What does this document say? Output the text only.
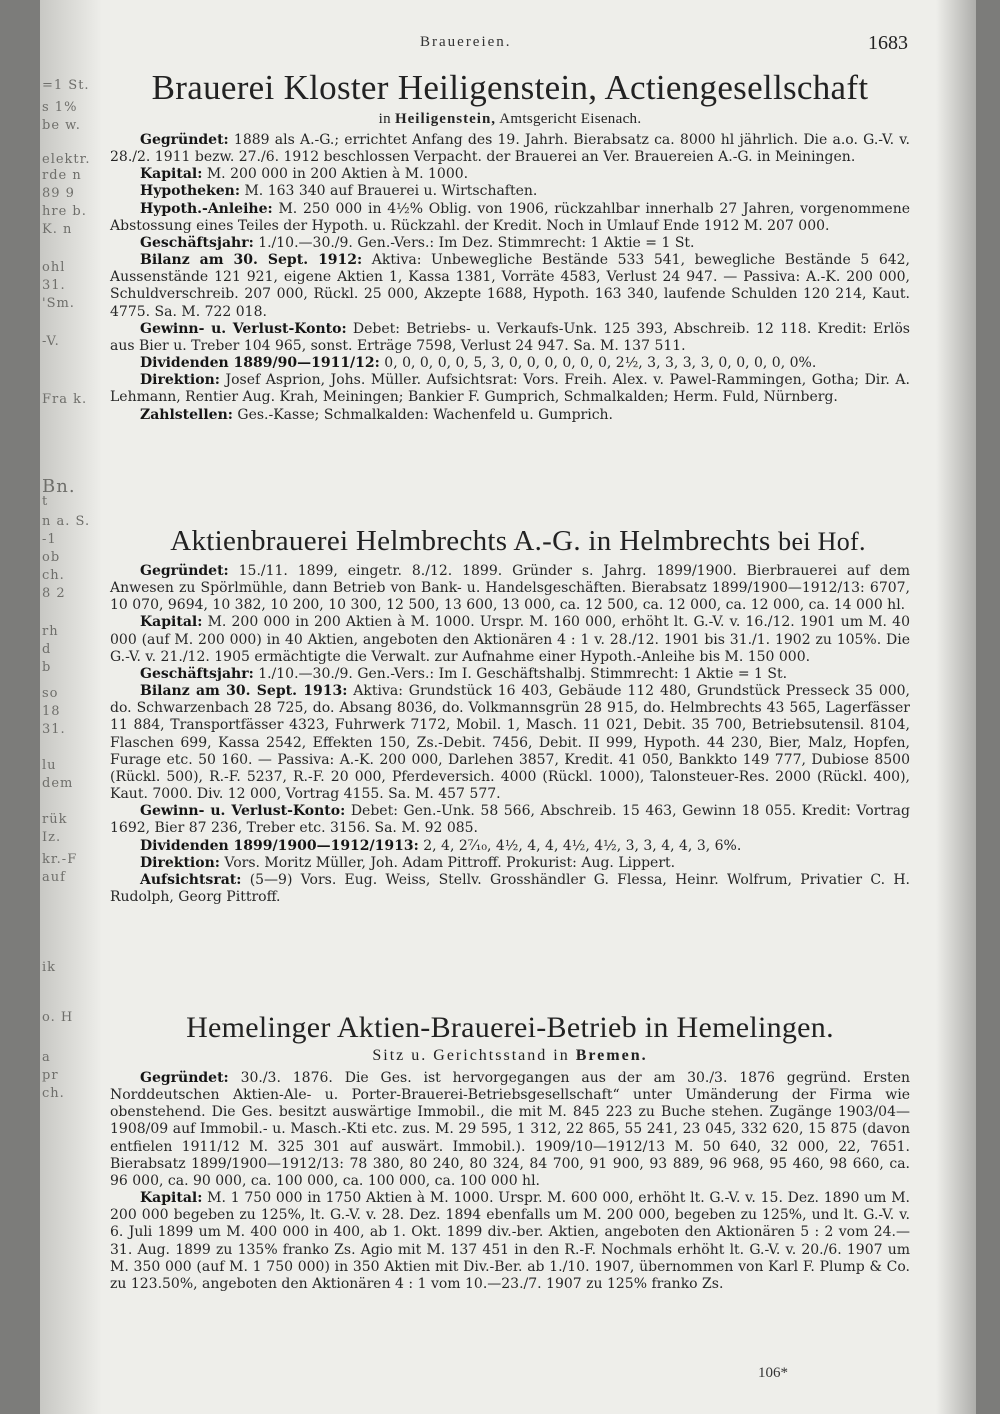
=1 St.
s 1%
be w.
elektr.
rde n
89 9
hre b.
K. n
ohl
31.
'Sm.
-V.
Fra k.
Bn.
t
n a. S.
-1
ob
ch.
8 2
rh
d
b
so
18
31.
lu
dem
rük
Iz.
kr.-F
auf
ik
o. H
a
pr
ch.
Brauereien.	1683
Brauerei Kloster Heiligenstein, Actiengesellschaft
in Heiligenstein, Amtsgericht Eisenach.

Gegründet: 1889 als A.-G.; errichtet Anfang des 19. Jahrh. Bierabsatz ca. 8000 hl jährlich. Die a.o. G.-V. v. 28./2. 1911 bezw. 27./6. 1912 beschlossen Verpacht. der Brauerei an Ver. Brauereien A.-G. in Meiningen.

Kapital: M. 200 000 in 200 Aktien à M. 1000.

Hypotheken: M. 163 340 auf Brauerei u. Wirtschaften.

Hypoth.-Anleihe: M. 250 000 in 4½% Oblig. von 1906, rückzahlbar innerhalb 27 Jahren, vorgenommene Abstossung eines Teiles der Hypoth. u. Rückzahl. der Kredit. Noch in Umlauf Ende 1912 M. 207 000.

Geschäftsjahr: 1./10.—30./9. Gen.-Vers.: Im Dez. Stimmrecht: 1 Aktie = 1 St.

Bilanz am 30. Sept. 1912: Aktiva: Unbewegliche Bestände 533 541, bewegliche Bestände 5 642, Aussenstände 121 921, eigene Aktien 1, Kassa 1381, Vorräte 4583, Verlust 24 947. — Passiva: A.-K. 200 000, Schuldverschreib. 207 000, Rückl. 25 000, Akzepte 1688, Hypoth. 163 340, laufende Schulden 120 214, Kaut. 4775. Sa. M. 722 018.

Gewinn- u. Verlust-Konto: Debet: Betriebs- u. Verkaufs-Unk. 125 393, Abschreib. 12 118. Kredit: Erlös aus Bier u. Treber 104 965, sonst. Erträge 7598, Verlust 24 947. Sa. M. 137 511.

Dividenden 1889/90—1911/12: 0, 0, 0, 0, 0, 5, 3, 0, 0, 0, 0, 0, 0, 2½, 3, 3, 3, 3, 0, 0, 0, 0, 0%.

Direktion: Josef Asprion, Johs. Müller. Aufsichtsrat: Vors. Freih. Alex. v. Pawel-Rammingen, Gotha; Dir. A. Lehmann, Rentier Aug. Krah, Meiningen; Bankier F. Gumprich, Schmalkalden; Herm. Fuld, Nürnberg.

Zahlstellen: Ges.-Kasse; Schmalkalden: Wachenfeld u. Gumprich.

Aktienbrauerei Helmbrechts A.-G. in Helmbrechts bei Hof.

Gegründet: 15./11. 1899, eingetr. 8./12. 1899. Gründer s. Jahrg. 1899/1900. Bierbrauerei auf dem Anwesen zu Spörlmühle, dann Betrieb von Bank- u. Handelsgeschäften. Bierabsatz 1899/1900—1912/13: 6707, 10 070, 9694, 10 382, 10 200, 10 300, 12 500, 13 600, 13 000, ca. 12 500, ca. 12 000, ca. 12 000, ca. 14 000 hl.

Kapital: M. 200 000 in 200 Aktien à M. 1000. Urspr. M. 160 000, erhöht lt. G.-V. v. 16./12. 1901 um M. 40 000 (auf M. 200 000) in 40 Aktien, angeboten den Aktionären 4 : 1 v. 28./12. 1901 bis 31./1. 1902 zu 105%. Die G.-V. v. 21./12. 1905 ermächtigte die Verwalt. zur Aufnahme einer Hypoth.-Anleihe bis M. 150 000.

Geschäftsjahr: 1./10.—30./9. Gen.-Vers.: Im I. Geschäftshalbj. Stimmrecht: 1 Aktie = 1 St.

Bilanz am 30. Sept. 1913: Aktiva: Grundstück 16 403, Gebäude 112 480, Grundstück Presseck 35 000, do. Schwarzenbach 28 725, do. Absang 8036, do. Volkmannsgrün 28 915, do. Helmbrechts 43 565, Lagerfässer 11 884, Transportfässer 4323, Fuhrwerk 7172, Mobil. 1, Masch. 11 021, Debit. 35 700, Betriebsutensil. 8104, Flaschen 699, Kassa 2542, Effekten 150, Zs.-Debit. 7456, Debit. II 999, Hypoth. 44 230, Bier, Malz, Hopfen, Furage etc. 50 160. — Passiva: A.-K. 200 000, Darlehen 3857, Kredit. 41 050, Bankkto 149 777, Dubiose 8500 (Rückl. 500), R.-F. 5237, R.-F. 20 000, Pferdeversich. 4000 (Rückl. 1000), Talonsteuer-Res. 2000 (Rückl. 400), Kaut. 7000. Div. 12 000, Vortrag 4155. Sa. M. 457 577.

Gewinn- u. Verlust-Konto: Debet: Gen.-Unk. 58 566, Abschreib. 15 463, Gewinn 18 055. Kredit: Vortrag 1692, Bier 87 236, Treber etc. 3156. Sa. M. 92 085.

Dividenden 1899/1900—1912/1913: 2, 4, 2⁷⁄₁₀, 4½, 4, 4, 4½, 4½, 3, 3, 4, 4, 3, 6%.

Direktion: Vors. Moritz Müller, Joh. Adam Pittroff. Prokurist: Aug. Lippert.

Aufsichtsrat: (5—9) Vors. Eug. Weiss, Stellv. Grosshändler G. Flessa, Heinr. Wolfrum, Privatier C. H. Rudolph, Georg Pittroff.

Hemelinger Aktien-Brauerei-Betrieb in Hemelingen.
Sitz u. Gerichtsstand in Bremen.

Gegründet: 30./3. 1876. Die Ges. ist hervorgegangen aus der am 30./3. 1876 gegründ. Ersten Norddeutschen Aktien-Ale- u. Porter-Brauerei-Betriebsgesellschaft“ unter Umänderung der Firma wie obenstehend. Die Ges. besitzt auswärtige Immobil., die mit M. 845 223 zu Buche stehen. Zugänge 1903/04—1908/09 auf Immobil.- u. Masch.-Kti etc. zus. M. 29 595, 1 312, 22 865, 55 241, 23 045, 332 620, 15 875 (davon entfielen 1911/12 M. 325 301 auf auswärt. Immobil.). 1909/10—1912/13 M. 50 640, 32 000, 22, 7651. Bierabsatz 1899/1900—1912/13: 78 380, 80 240, 80 324, 84 700, 91 900, 93 889, 96 968, 95 460, 98 660, ca. 96 000, ca. 90 000, ca. 100 000, ca. 100 000, ca. 100 000 hl.

Kapital: M. 1 750 000 in 1750 Aktien à M. 1000. Urspr. M. 600 000, erhöht lt. G.-V. v. 15. Dez. 1890 um M. 200 000 begeben zu 125%, lt. G.-V. v. 28. Dez. 1894 ebenfalls um M. 200 000, begeben zu 125%, und lt. G.-V. v. 6. Juli 1899 um M. 400 000 in 400, ab 1. Okt. 1899 div.-ber. Aktien, angeboten den Aktionären 5 : 2 vom 24.—31. Aug. 1899 zu 135% franko Zs. Agio mit M. 137 451 in den R.-F. Nochmals erhöht lt. G.-V. v. 20./6. 1907 um M. 350 000 (auf M. 1 750 000) in 350 Aktien mit Div.-Ber. ab 1./10. 1907, übernommen von Karl F. Plump & Co. zu 123.50%, angeboten den Aktionären 4 : 1 vom 10.—23./7. 1907 zu 125% franko Zs.

106*
